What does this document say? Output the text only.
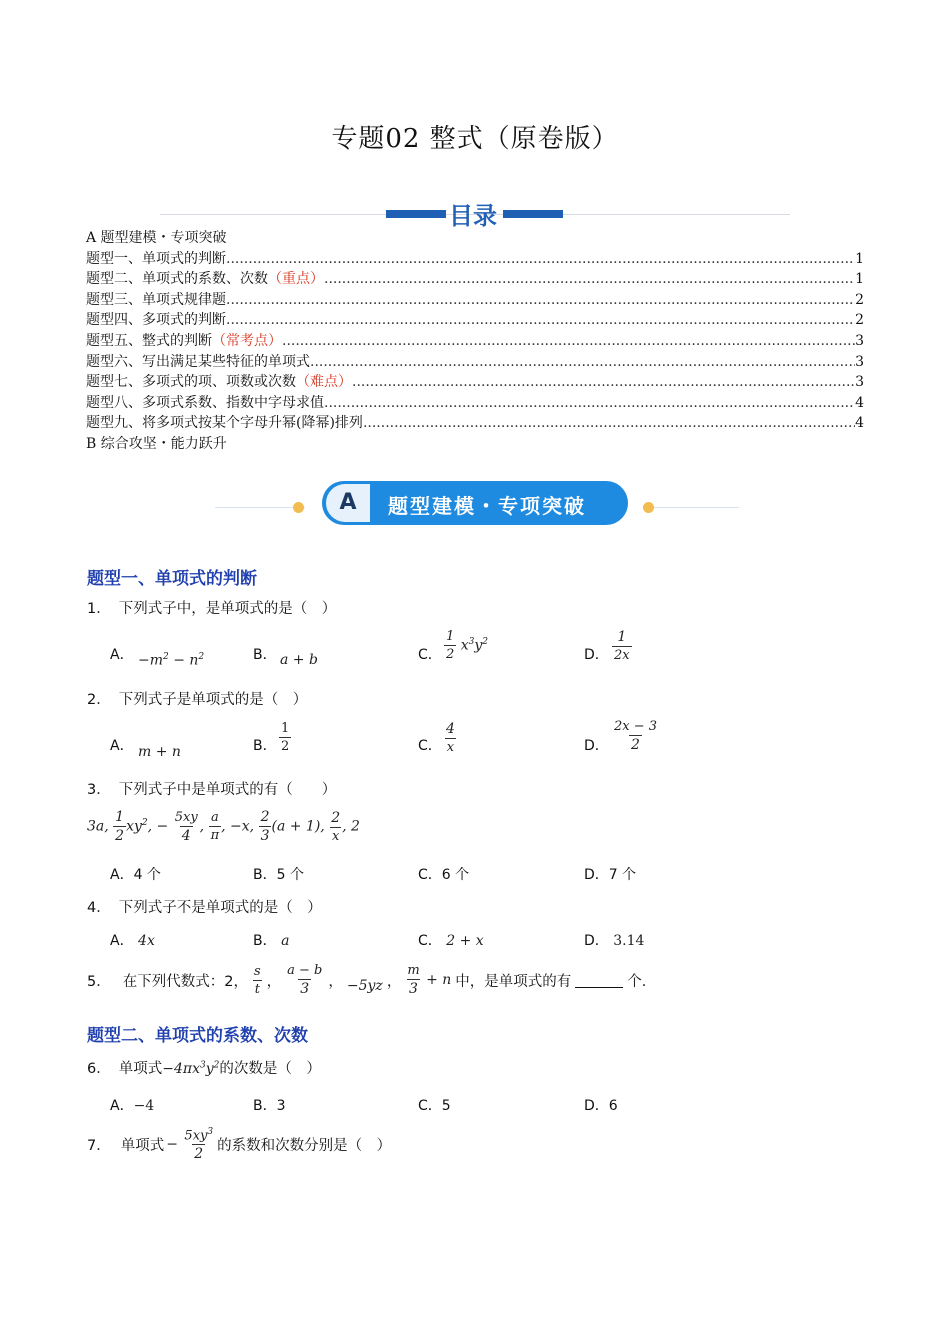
专题02 整式（原卷版）
目录
A 题型建模・专项突破
题型一、单项式的判断 .....	1
题型二、单项式的系数、次数 （重点） .....	1
题型三、单项式规律题 .....	2
题型四、多项式的判断 .....	2
题型五、整式的判断 （常考点） .....	3
题型六、写出满足某些特征的单项式 .....	3
题型七、多项式的项、项数或次数 （难点） .....	3
题型八、多项式系数、指数中字母求值 .....	4
题型九、将多项式按某个字母升幂(降幂)排列 .....	4
B 综合攻坚・能力跃升
A	题型建模・专项突破
题型一、单项式的判断
1． 下列式子中，是单项式的是（　）
A． $-m^2 - n^2$	B． a + b	C． $\frac{1}{2} x^3y^2$
D． $\frac{1}{2x}$
2． 下列式子是单项式的是（　）
A． m + n	B． $\frac{1}{2}$	C． $\frac{4}{x}$	D． $\frac{2x - 3}{2}$
3． 下列式子中是单项式的有（　　）
3a, $\frac{1}{2} xy^2$, − $\frac{5xy}{4}$ , $\frac{a}{\pi}$ , −x, $\frac{2}{3} (a + 1)$, $\frac{2}{x}$ , 2
A．4 个	B．5 个	C．6 个	D．7 个
4． 下列式子不是单项式的是（　）
A． 4x	B． a	C． 2 + x	D． 3.14
5． 在下列代数式：2， $\frac{s}{t}$ ， $\frac{a - b}{3}$ ， −5yz ， $\frac{m}{3} + n$ 中，是单项式的有	个．
题型二、单项式的系数、次数
6． 单项式$-4\pi x^3y^2$的次数是（　）
A．−4	B．3	C．5	D．6
7． 单项式 − $\frac{5xy^3}{2}$ 的系数和次数分别是（　）
